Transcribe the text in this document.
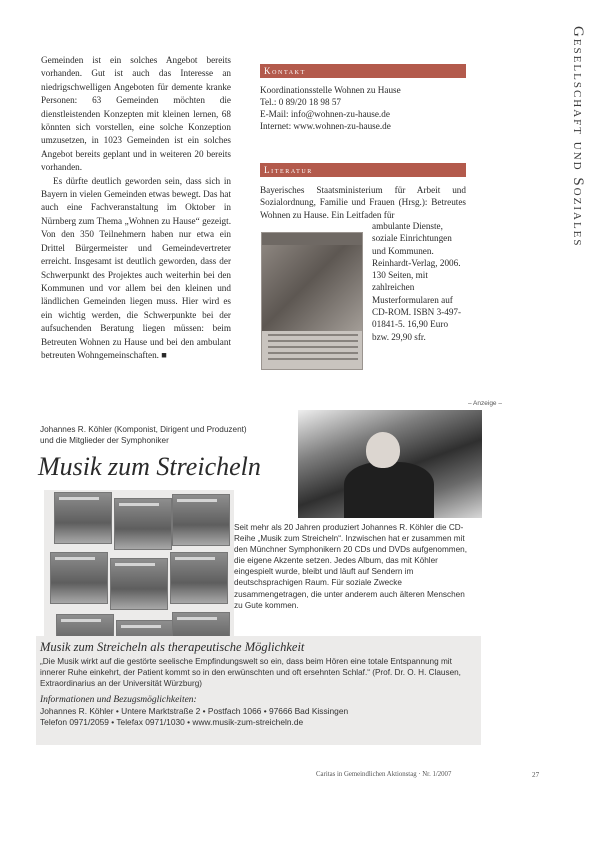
Gemeinden ist ein solches Angebot bereits vorhanden. Gut ist auch das Interesse an niedrigschwelligen Angeboten für demente kranke Personen: 63 Gemeinden möchten die dienstleistenden Konzepten mit kleinen lernen, 68 könnten sich vorstellen, eine solche Konzeption umzusetzen, in 1023 Gemeinden ist ein solches Angebot bereits geplant und in weiteren 20 bereits vorhanden.

Es dürfte deutlich geworden sein, dass sich in Bayern in vielen Gemeinden etwas bewegt. Das hat auch eine Fachveranstaltung im Oktober in Nürnberg zum Thema „Wohnen zu Hause“ gezeigt. Von den 350 Teilnehmern haben nur etwa ein Drittel Bürgermeister und Gemeindevertreter erreicht. Insgesamt ist deutlich geworden, dass der Schwerpunkt des Projektes auch weiterhin bei den Kommunen und vor allem bei den kleinen und ländlichen Gemeinden liegen muss. Hier wird es ein wichtig werden, die Schwerpunkte bei der aufsuchenden Beratung liegen müssen: beim Betreuten Wohnen zu Hause und bei den ambulant betreuten Wohngemeinschaften. ■

Kontakt
Koordinationsstelle Wohnen zu Hause
Tel.: 0 89/20 18 98 57
E-Mail: info@wohnen-zu-hause.de
Internet: www.wohnen-zu-hause.de
Literatur
Bayerisches Staatsministerium für Arbeit und Sozialordnung, Familie und Frauen (Hrsg.): Betreutes Wohnen zu Hause. Ein Leitfaden für
ambulante Dienste, soziale Einrichtungen und Kommunen. Reinhardt-Verlag, 2006. 130 Seiten, mit zahlreichen Musterformularen auf CD-ROM. ISBN 3-497-01841-5. 16,90 Euro bzw. 29,90 sfr.
Gesellschaft und Soziales
– Anzeige –
Johannes R. Köhler (Komponist, Dirigent und Produzent)
und die Mitglieder der Symphoniker
Musik zum Streicheln
Seit mehr als 20 Jahren produziert Johannes R. Köhler die CD-Reihe „Musik zum Streicheln“. Inzwischen hat er zusammen mit den Münchner Symphonikern 20 CDs und DVDs aufgenommen, die eigene Akzente setzen. Jedes Album, das mit Köhler eingespielt wurde, bleibt und läuft auf Sendern im deutschsprachigen Raum. Für soziale Zwecke zusammengetragen, die unter anderem auch älteren Menschen zu Gute kommen.
Musik zum Streicheln als therapeutische Möglichkeit
„Die Musik wirkt auf die gestörte seelische Empfindungswelt so ein, dass beim Hören eine totale Entspannung mit innerer Ruhe einkehrt, der Patient kommt so in den erwünschten und oft ersehnten Schlaf.“ (Prof. Dr. O. H. Clausen, Extraordinarius an der Universität Würzburg)
Informationen und Bezugsmöglichkeiten:
Johannes R. Köhler • Untere Marktstraße 2 • Postfach 1066 • 97666 Bad Kissingen
Telefon 0971/2059 • Telefax 0971/1030 • www.musik-zum-streicheln.de
Caritas in Gemeindlichen Aktionstag · Nr. 1/2007	27
